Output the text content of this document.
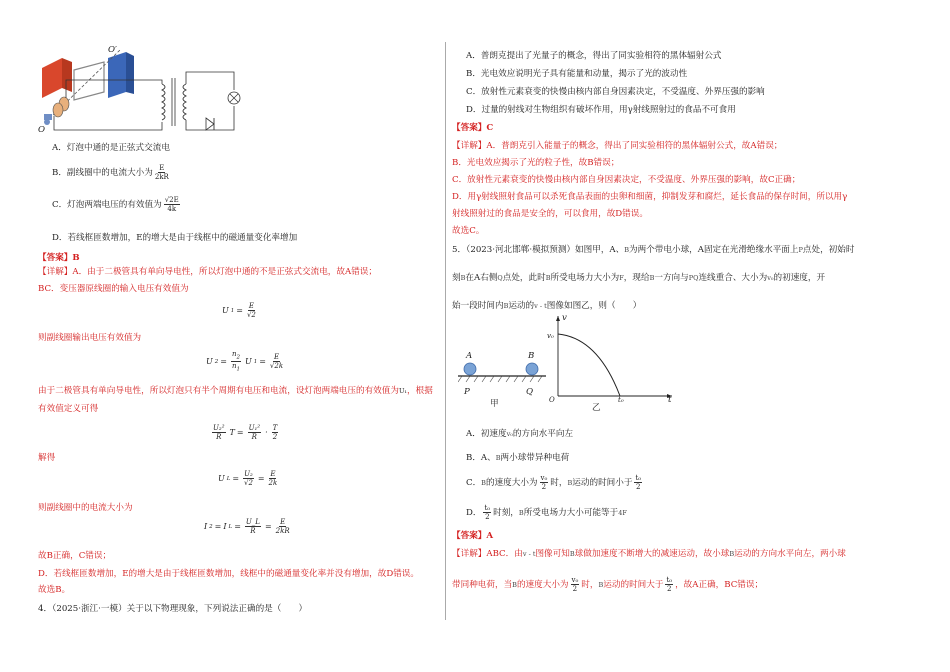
O′
O
A．灯泡中通的是正弦式交流电
B．副线圈中的电流大小为 $\frac{E}{2kR}$
C．灯泡两端电压的有效值为 $\frac{√2E}{4k}$
D．若线框匝数增加，E的增大是由于线框中的磁通量变化率增加
【答案】B
【详解】A．由于二极管具有单向导电性，所以灯泡中通的不是正弦式交流电，故A错误；
BC．变压器原线圈的输入电压有效值为
U $1 = \frac{E}{√2}$
则副线圈输出电压有效值为
U $2 = \frac{n_2}{n_1}$ U $1 = \frac{E}{√2k}$
由于二极管具有单向导电性，所以灯泡只有半个周期有电压和电流，设灯泡两端电压的有效值为U₁，根据
有效值定义可得
$\frac{\text{U₂²}}{R}$ $T = \frac{\text{U₁²}}{R} \cdot \frac{T}{2}$
解得
U $L = \frac{\text{U₂}}{√2} = \frac{E}{2k}$
则副线圈中的电流大小为
I 2 = I $L = \frac{U\_L}{R} = \frac{E}{2kR}$
故B正确，C错误；
D．若线框匝数增加，E的增大是由于线框匝数增加，线框中的磁通量变化率并没有增加，故D错误。
故选B。
4．（2025·浙江·一模）关于以下物理现象，下列说法正确的是（　　）
A．普朗克提出了光量子的概念，得出了同实验相符的黑体辐射公式
B．光电效应说明光子具有能量和动量，揭示了光的波动性
C．放射性元素衰变的快慢由核内部自身因素决定，不受温度、外界压强的影响
D．过量的射线对生物组织有破坏作用，用γ射线照射过的食品不可食用
【答案】C
【详解】A．普朗克引入能量子的概念，得出了同实验相符的黑体辐射公式，故A错误；
B．光电效应揭示了光的粒子性，故B错误；
C．放射性元素衰变的快慢由核内部自身因素决定，不受温度、外界压强的影响，故C正确；
D．用γ射线照射食品可以杀死食品表面的虫卵和细菌，抑制发芽和腐烂，延长食品的保存时间，所以用γ
射线照射过的食品是安全的，可以食用，故D错误。
故选C。
5．（2023·河北邯郸·模拟预测）如图甲，A、B为两个带电小球，A固定在光滑绝缘水平面上P点处，初始时
刻B在A右侧Q点处，此时B所受电场力大小为F，现给B一方向与PQ连线重合、大小为v₀的初速度，开
始一段时间内B运动的v - t图像如图乙，则（　　）
A	B
P	Q
甲
v
v₀
O	t₀	t
乙
A．初速度v₀的方向水平向左
B．A、B两小球带异种电荷
C．B的速度大小为 $\frac{\text{v₀}}{2}$ 时，B运动的时间小于 $\frac{\text{t₀}}{2}$
D． $\frac{\text{t₀}}{2}$ 时刻，B所受电场力大小可能等于4F
【答案】A
【详解】ABC．由v - t图像可知B球做加速度不断增大的减速运动，故小球B运动的方向水平向左，两小球
带同种电荷，当B的速度大小为 $\frac{\text{v₀}}{2}$ 时，B运动的时间大于 $\frac{\text{t₀}}{2}$ ，故A正确，BC错误；
